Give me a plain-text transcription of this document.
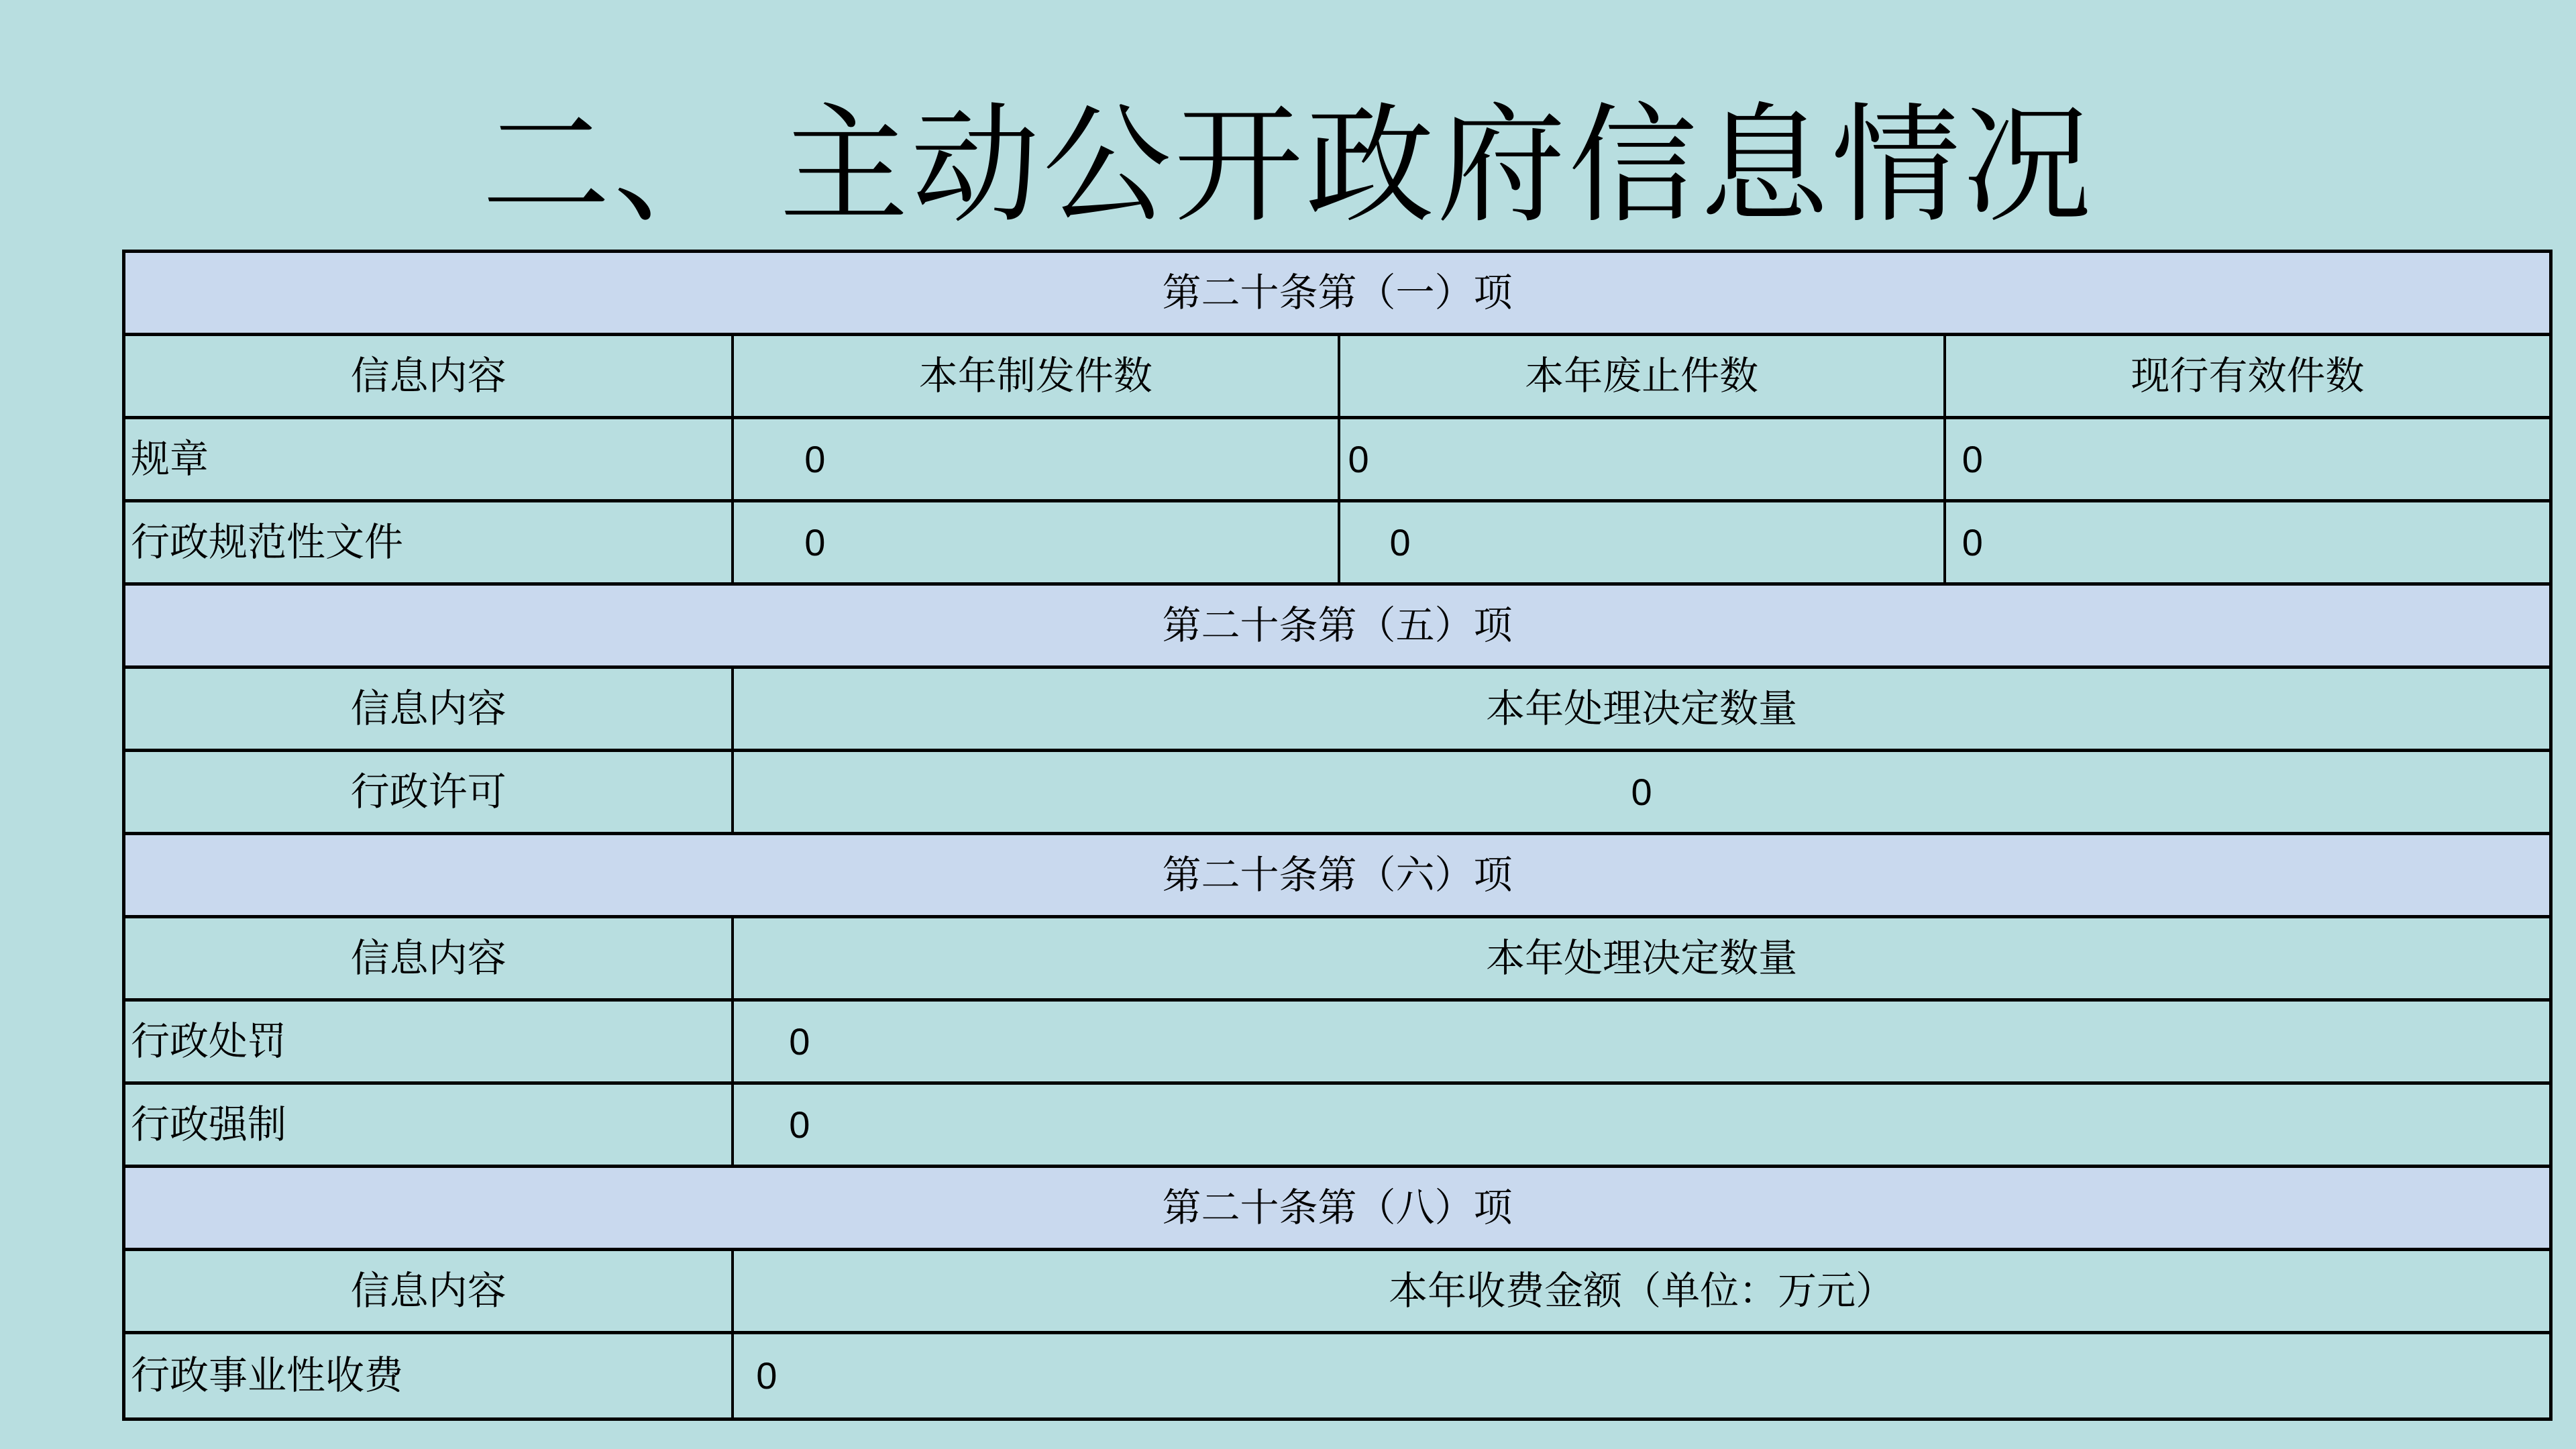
二、 主动公开政府信息情况
第二十条第（一）项
信息内容	本年制发件数	本年废止件数	现行有效件数
规章	0	0	0
行政规范性文件	0	0	0
第二十条第（五）项
信息内容	本年处理决定数量
行政许可	0
第二十条第（六）项
信息内容	本年处理决定数量
行政处罚	0
行政强制	0
第二十条第（八）项
信息内容	本年收费金额（单位：万元）
行政事业性收费	0
